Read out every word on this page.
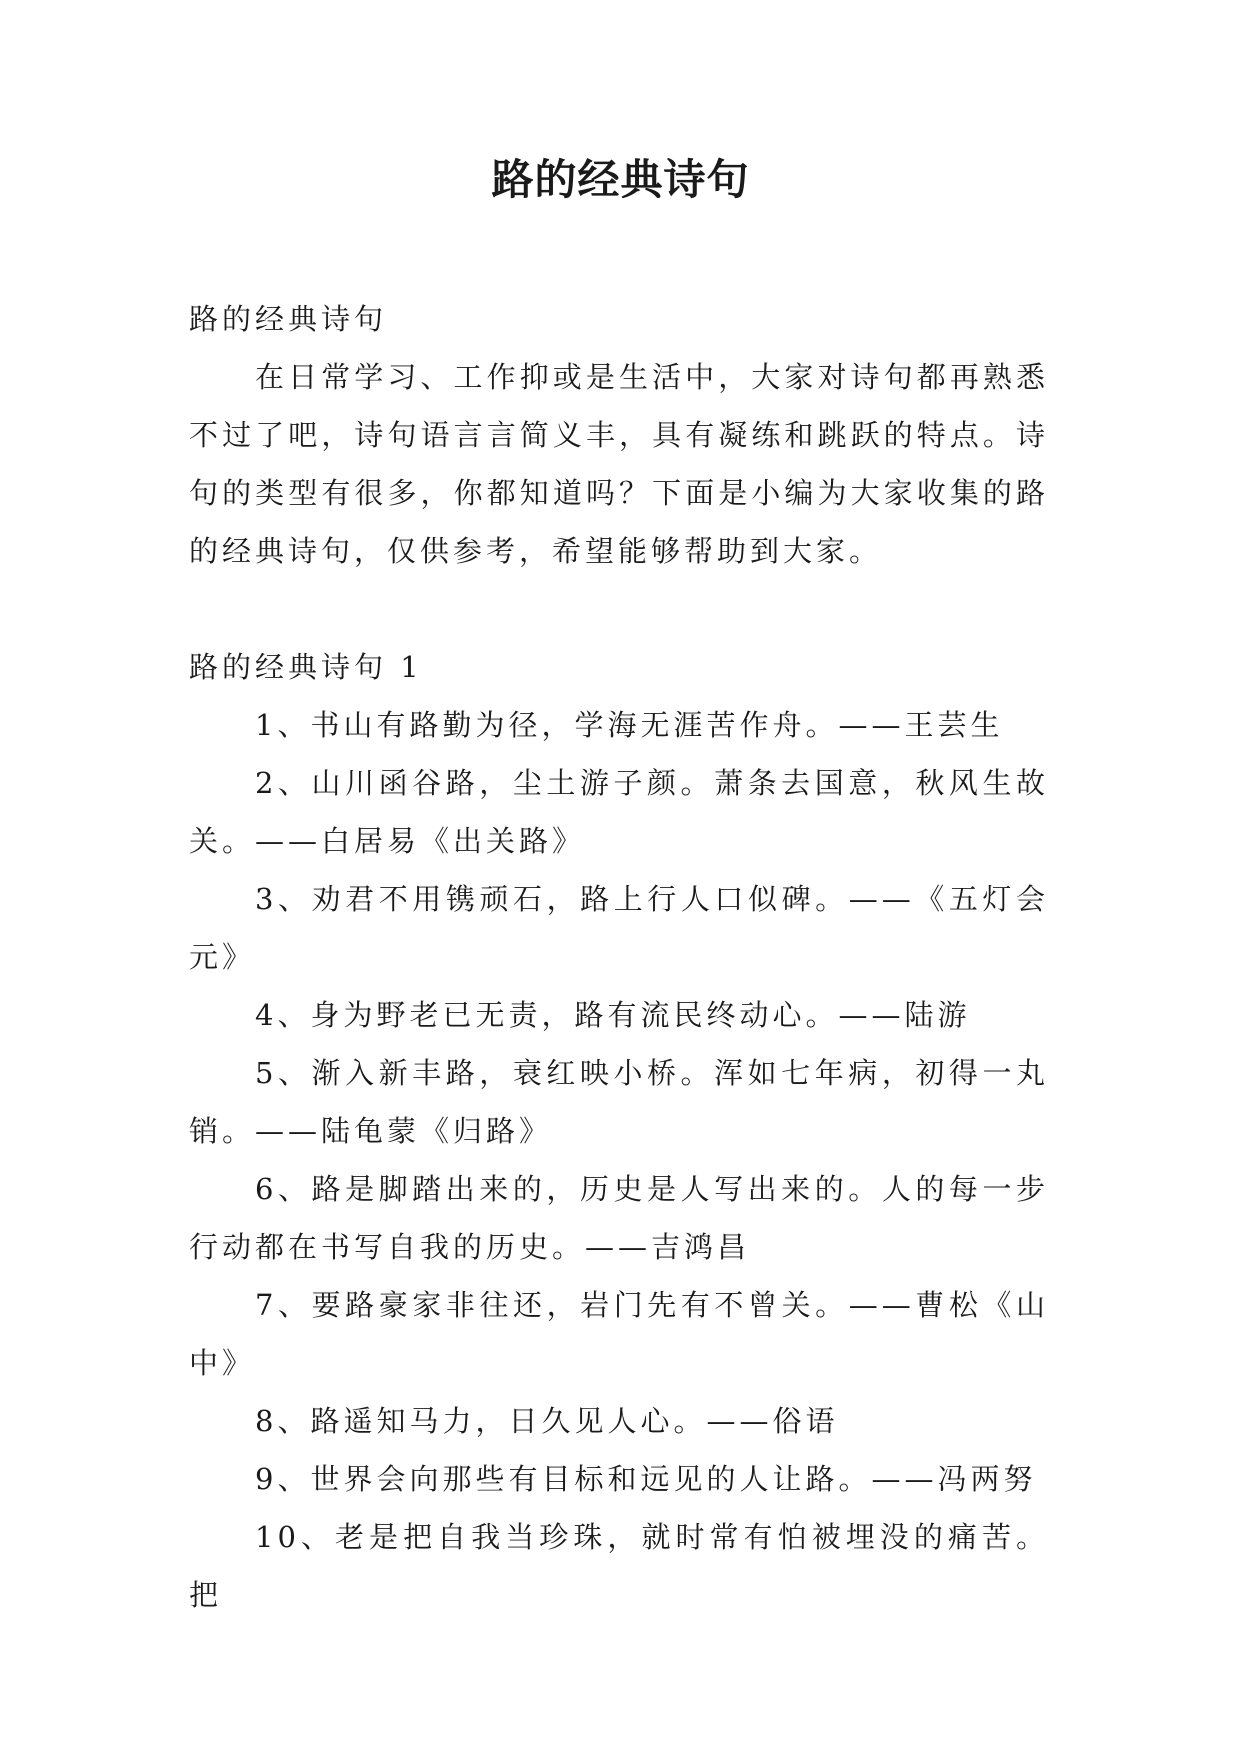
路的经典诗句

路的经典诗句

在日常学习、工作抑或是生活中，大家对诗句都再熟悉不过了吧，诗句语言言简义丰，具有凝练和跳跃的特点。诗句的类型有很多，你都知道吗？下面是小编为大家收集的路的经典诗句，仅供参考，希望能够帮助到大家。

路的经典诗句 1

1、书山有路勤为径，学海无涯苦作舟。——王芸生

2、山川函谷路，尘土游子颜。萧条去国意，秋风生故关。——白居易《出关路》

3、劝君不用镌顽石，路上行人口似碑。——《五灯会元》

4、身为野老已无责，路有流民终动心。——陆游

5、渐入新丰路，衰红映小桥。浑如七年病，初得一丸销。——陆龟蒙《归路》

6、路是脚踏出来的，历史是人写出来的。人的每一步行动都在书写自我的历史。——吉鸿昌

7、要路豪家非往还，岩门先有不曾关。——曹松《山中》

8、路遥知马力，日久见人心。——俗语

9、世界会向那些有目标和远见的人让路。——冯两努

10、老是把自我当珍珠，就时常有怕被埋没的痛苦。把
